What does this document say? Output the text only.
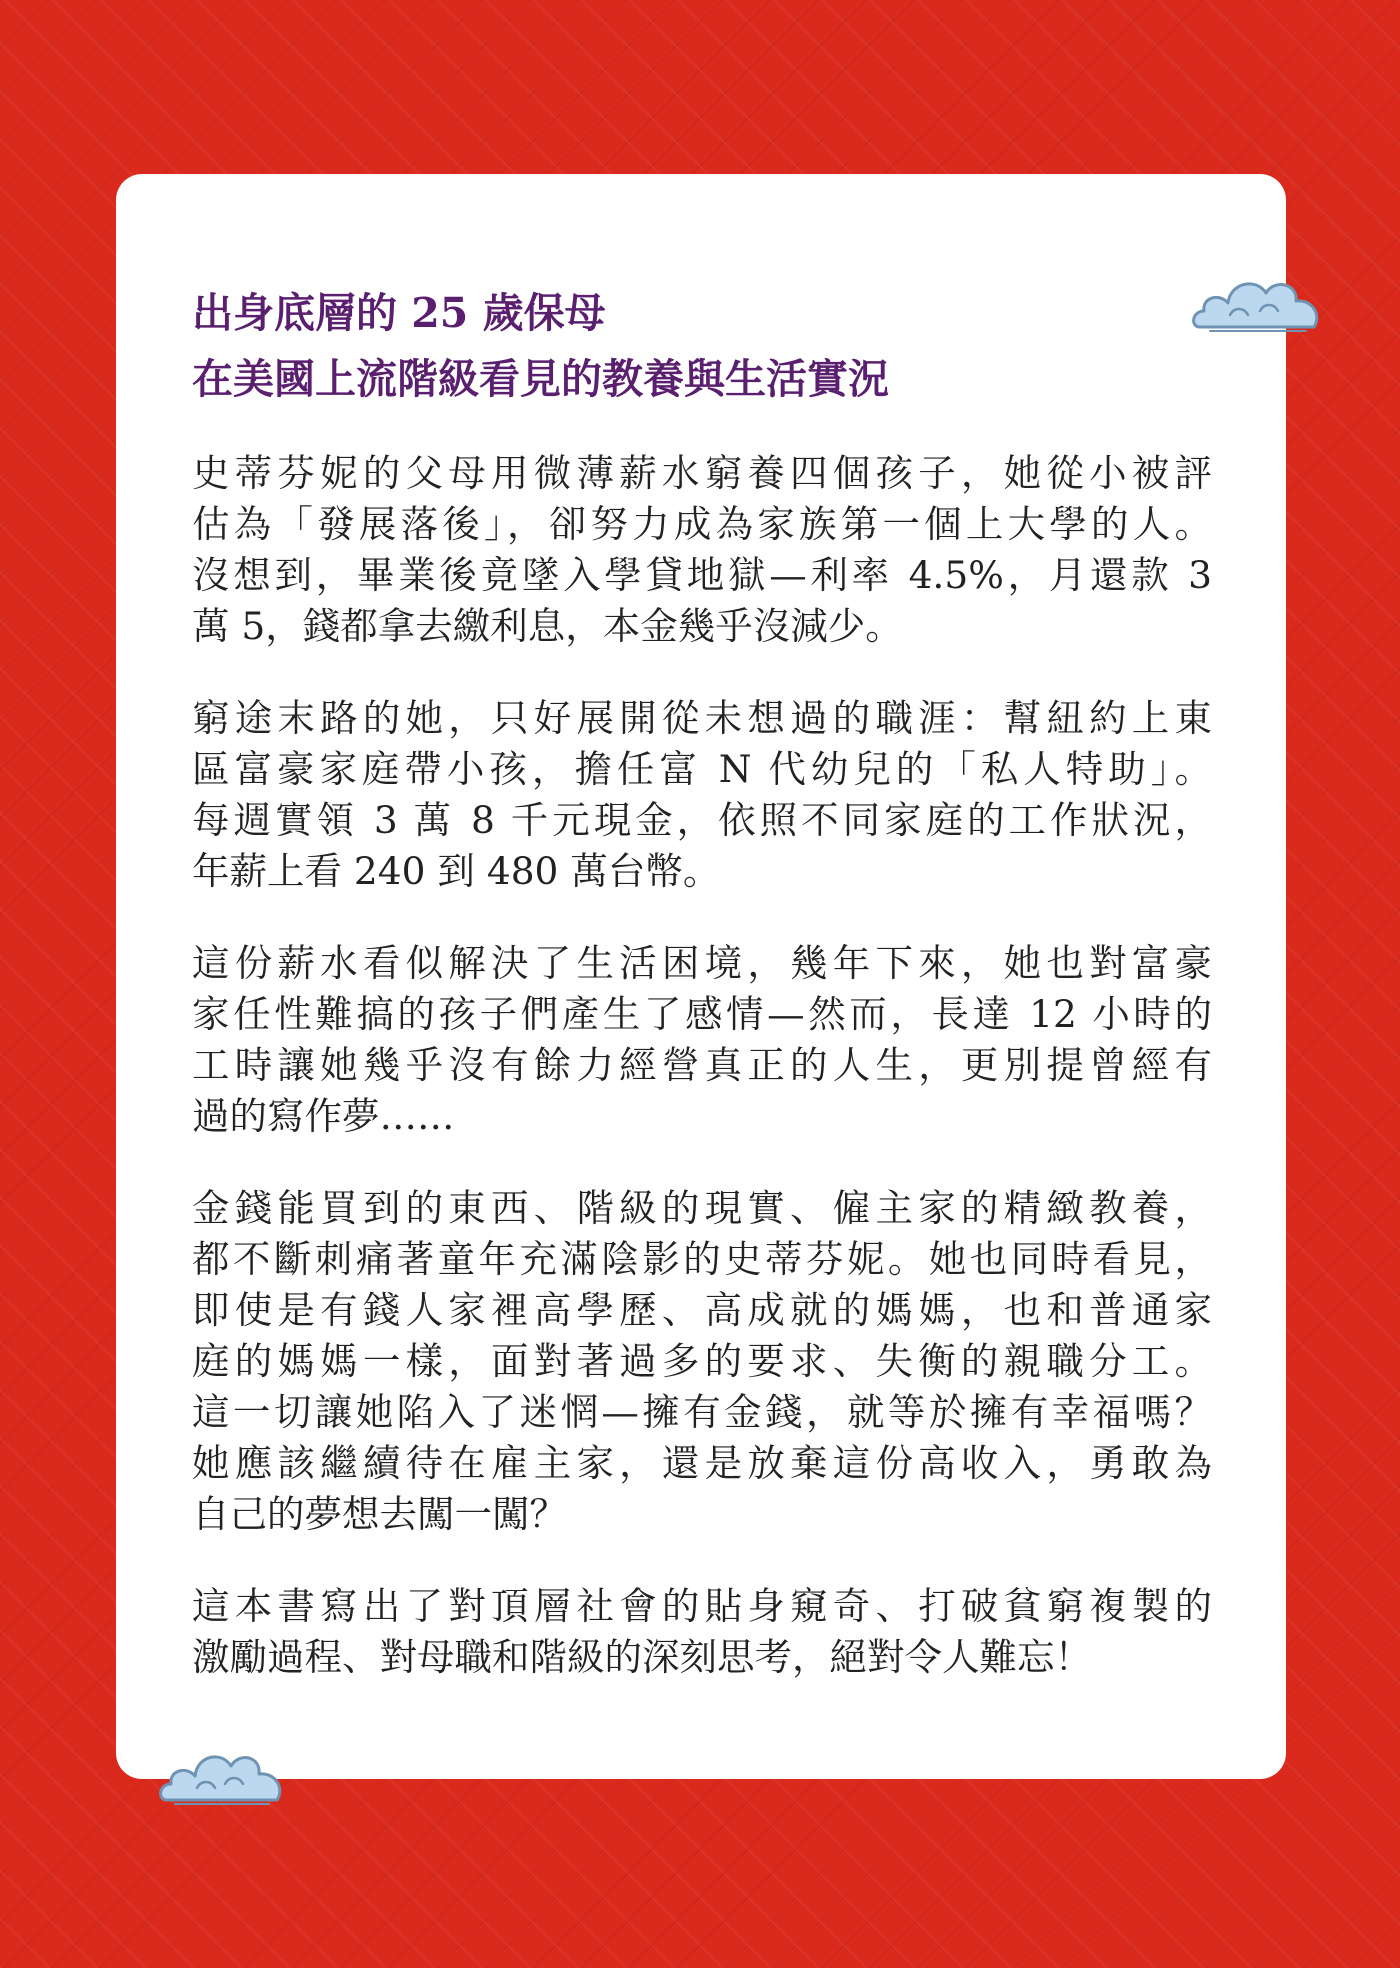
出身底層的 25 歲保母
在美國上流階級看見的教養與生活實況
史蒂芬妮的父母用微薄薪水窮養四個孩子，她從小被評
估為「發展落後」，卻努力成為家族第一個上大學的人。
沒想到，畢業後竟墜入學貸地獄—利率 4.5%，月還款 3
萬 5，錢都拿去繳利息，本金幾乎沒減少。
窮途末路的她，只好展開從未想過的職涯：幫紐約上東
區富豪家庭帶小孩，擔任富 N 代幼兒的「私人特助」。
每週實領 3 萬 8 千元現金，依照不同家庭的工作狀況，
年薪上看 240 到 480 萬台幣。
這份薪水看似解決了生活困境，幾年下來，她也對富豪
家任性難搞的孩子們產生了感情—然而，長達 12 小時的
工時讓她幾乎沒有餘力經營真正的人生，更別提曾經有
過的寫作夢……
金錢能買到的東西、階級的現實、僱主家的精緻教養，
都不斷刺痛著童年充滿陰影的史蒂芬妮。她也同時看見，
即使是有錢人家裡高學歷、高成就的媽媽，也和普通家
庭的媽媽一樣，面對著過多的要求、失衡的親職分工。
這一切讓她陷入了迷惘—擁有金錢，就等於擁有幸福嗎？
她應該繼續待在雇主家，還是放棄這份高收入，勇敢為
自己的夢想去闖一闖？
這本書寫出了對頂層社會的貼身窺奇、打破貧窮複製的
激勵過程、對母職和階級的深刻思考，絕對令人難忘！
